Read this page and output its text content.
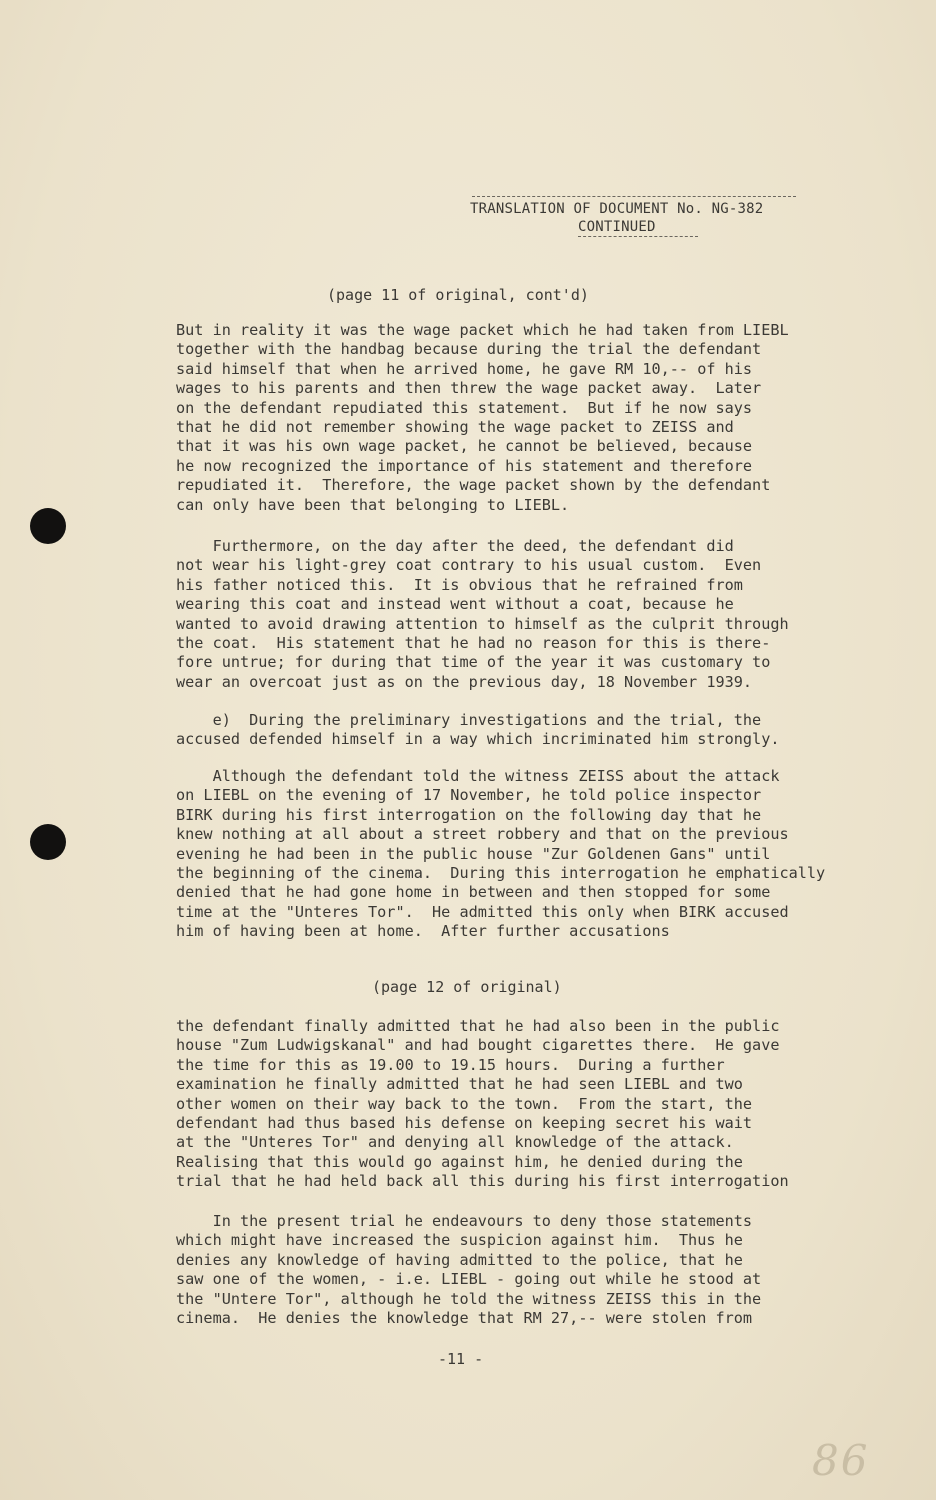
TRANSLATION OF DOCUMENT No. NG-382
CONTINUED
(page 11 of original, cont'd)

But in reality it was the wage packet which he had taken from LIEBL

together with the handbag because during the trial the defendant

said himself that when he arrived home, he gave RM 10,-- of his

wages to his parents and then threw the wage packet away.  Later

on the defendant repudiated this statement.  But if he now says

that he did not remember showing the wage packet to ZEISS and

that it was his own wage packet, he cannot be believed, because

he now recognized the importance of his statement and therefore

repudiated it.  Therefore, the wage packet shown by the defendant

can only have been that belonging to LIEBL.

Furthermore, on the day after the deed, the defendant did

not wear his light-grey coat contrary to his usual custom.  Even

his father noticed this.  It is obvious that he refrained from

wearing this coat and instead went without a coat, because he

wanted to avoid drawing attention to himself as the culprit through

the coat.  His statement that he had no reason for this is there-

fore untrue; for during that time of the year it was customary to

wear an overcoat just as on the previous day, 18 November 1939.

e)  During the preliminary investigations and the trial, the

accused defended himself in a way which incriminated him strongly.

Although the defendant told the witness ZEISS about the attack

on LIEBL on the evening of 17 November, he told police inspector

BIRK during his first interrogation on the following day that he

knew nothing at all about a street robbery and that on the previous

evening he had been in the public house "Zur Goldenen Gans" until

the beginning of the cinema.  During this interrogation he emphatically

denied that he had gone home in between and then stopped for some

time at the "Unteres Tor".  He admitted this only when BIRK accused

him of having been at home.  After further accusations

(page 12 of original)

the defendant finally admitted that he had also been in the public

house "Zum Ludwigskanal" and had bought cigarettes there.  He gave

the time for this as 19.00 to 19.15 hours.  During a further

examination he finally admitted that he had seen LIEBL and two

other women on their way back to the town.  From the start, the

defendant had thus based his defense on keeping secret his wait

at the "Unteres Tor" and denying all knowledge of the attack.

Realising that this would go against him, he denied during the

trial that he had held back all this during his first interrogation

In the present trial he endeavours to deny those statements

which might have increased the suspicion against him.  Thus he

denies any knowledge of having admitted to the police, that he

saw one of the women, - i.e. LIEBL - going out while he stood at

the "Untere Tor", although he told the witness ZEISS this in the

cinema.  He denies the knowledge that RM 27,-- were stolen from

-11 -
86
